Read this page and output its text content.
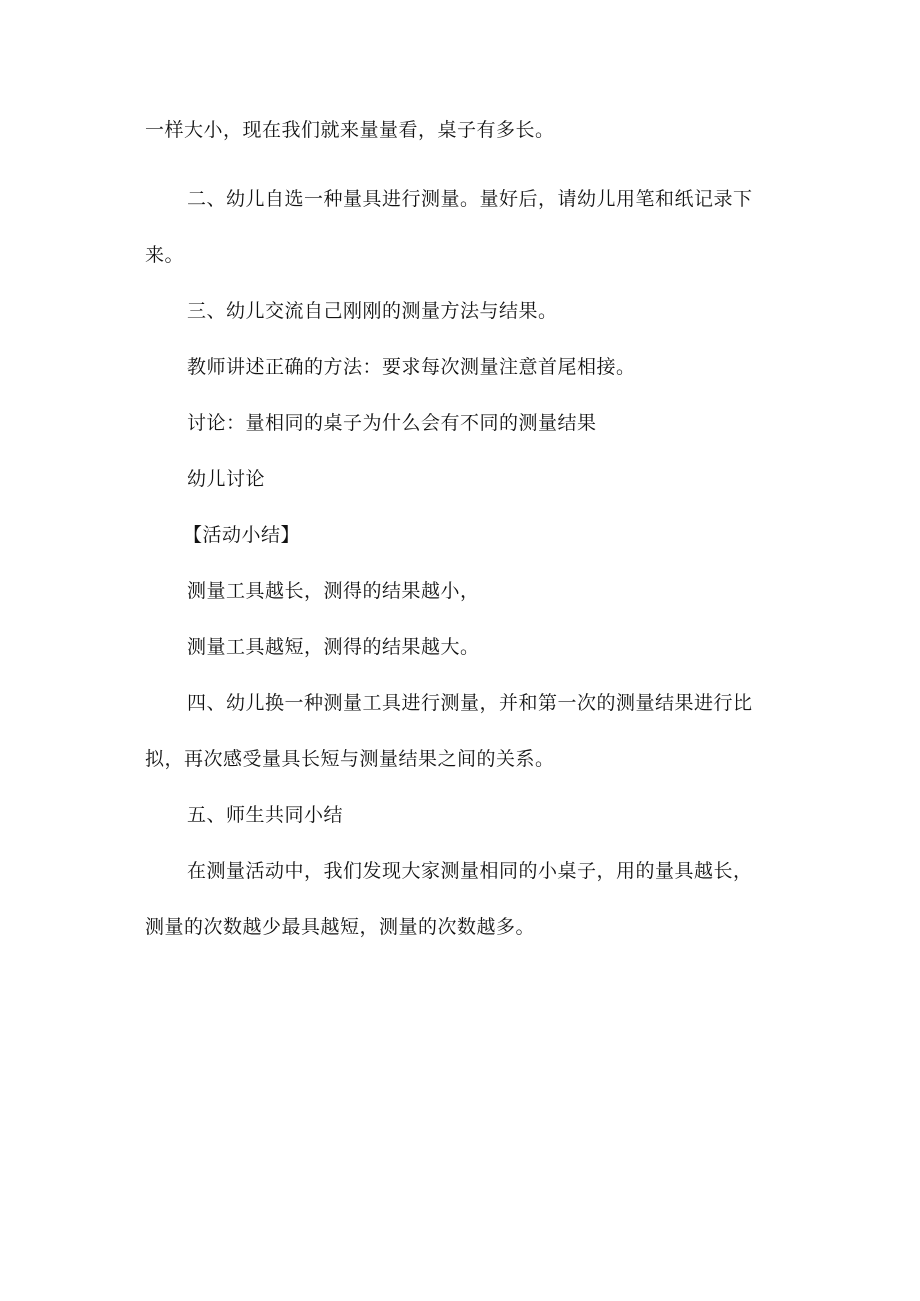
一样大小，现在我们就来量量看，桌子有多长。
二、幼儿自选一种量具进行测量。量好后，请幼儿用笔和纸记录下
来。
三、幼儿交流自己刚刚的测量方法与结果。
教师讲述正确的方法：要求每次测量注意首尾相接。
讨论：量相同的桌子为什么会有不同的测量结果
幼儿讨论
【活动小结】
测量工具越长，测得的结果越小，
测量工具越短，测得的结果越大。
四、幼儿换一种测量工具进行测量，并和第一次的测量结果进行比
拟，再次感受量具长短与测量结果之间的关系。
五、师生共同小结
在测量活动中，我们发现大家测量相同的小桌子，用的量具越长，
测量的次数越少最具越短，测量的次数越多。
